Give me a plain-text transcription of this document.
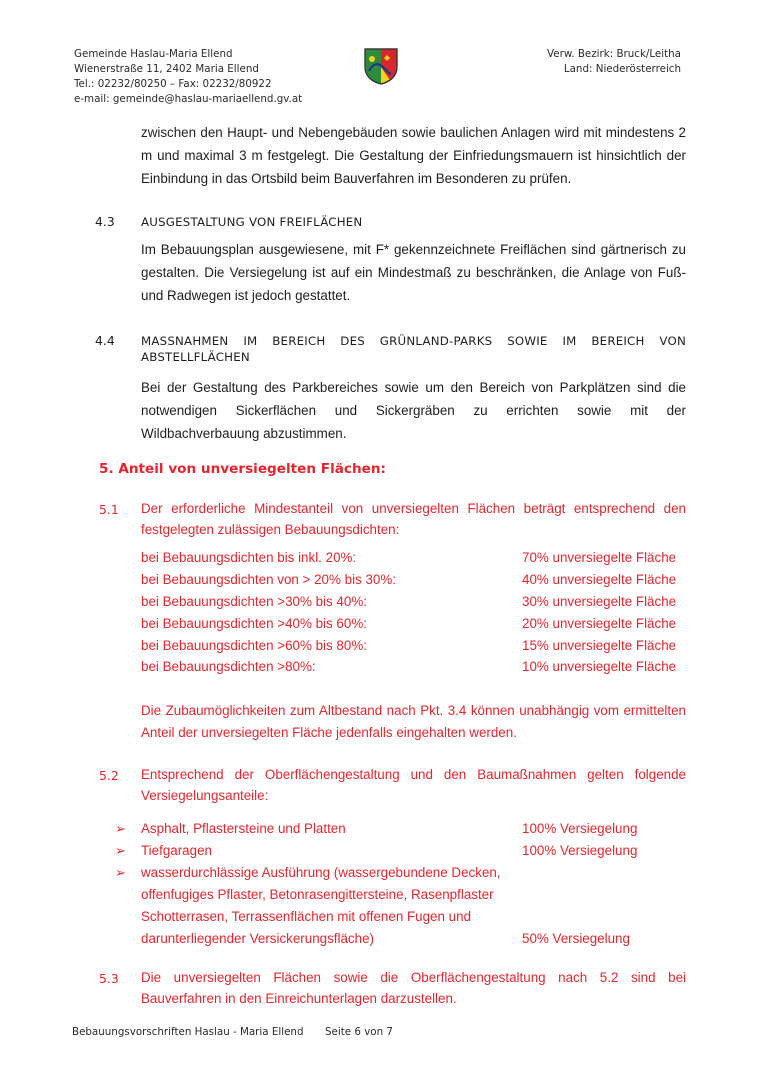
Gemeinde Haslau-Maria Ellend
Wienerstraße 11, 2402 Maria Ellend
Tel.: 02232/80250 – Fax: 02232/80922
e-mail: gemeinde@haslau-mariaellend.gv.at
Verw. Bezirk: Bruck/Leitha
Land: Niederösterreich
zwischen den Haupt- und Nebengebäuden sowie baulichen Anlagen wird mit mindestens 2 m und maximal 3 m festgelegt. Die Gestaltung der Einfriedungsmauern ist hinsichtlich der Einbindung in das Ortsbild beim Bauverfahren im Besonderen zu prüfen.
4.3 AUSGESTALTUNG VON FREIFLÄCHEN
Im Bebauungsplan ausgewiesene, mit F* gekennzeichnete Freiflächen sind gärtnerisch zu gestalten. Die Versiegelung ist auf ein Mindestmaß zu beschränken, die Anlage von Fuß- und Radwegen ist jedoch gestattet.
4.4 MASSNAHMEN IM BEREICH DES GRÜNLAND-PARKS SOWIE IM BEREICH VON
ABSTELLFLÄCHEN
Bei der Gestaltung des Parkbereiches sowie um den Bereich von Parkplätzen sind die notwendigen Sickerflächen und Sickergräben zu errichten sowie mit der Wildbachverbauung abzustimmen.
5. Anteil von unversiegelten Flächen:
5.1 Der erforderliche Mindestanteil von unversiegelten Flächen beträgt entsprechend den festgelegten zulässigen Bebauungsdichten:
bei Bebauungsdichten bis inkl. 20%:	70% unversiegelte Fläche
bei Bebauungsdichten von > 20% bis 30%:	40% unversiegelte Fläche
bei Bebauungsdichten >30% bis 40%:	30% unversiegelte Fläche
bei Bebauungsdichten >40% bis 60%:	20% unversiegelte Fläche
bei Bebauungsdichten >60% bis 80%:	15% unversiegelte Fläche
bei Bebauungsdichten >80%:	10% unversiegelte Fläche
Die Zubaumöglichkeiten zum Altbestand nach Pkt. 3.4 können unabhängig vom ermittelten Anteil der unversiegelten Fläche jedenfalls eingehalten werden.
5.2 Entsprechend der Oberflächengestaltung und den Baumaßnahmen gelten folgende Versiegelungsanteile:
➢ Asphalt, Pflastersteine und Platten	100% Versiegelung
➢ Tiefgaragen	100% Versiegelung
➢ wasserdurchlässige Ausführung (wassergebundene Decken,
offenfugiges Pflaster, Betonrasengittersteine, Rasenpflaster
Schotterrasen, Terrassenflächen mit offenen Fugen und
darunterliegender Versickerungsfläche)	50% Versiegelung
5.3 Die unversiegelten Flächen sowie die Oberflächengestaltung nach 5.2 sind bei Bauverfahren in den Einreichunterlagen darzustellen.
Bebauungsvorschriften Haslau - Maria Ellend Seite 6 von 7
